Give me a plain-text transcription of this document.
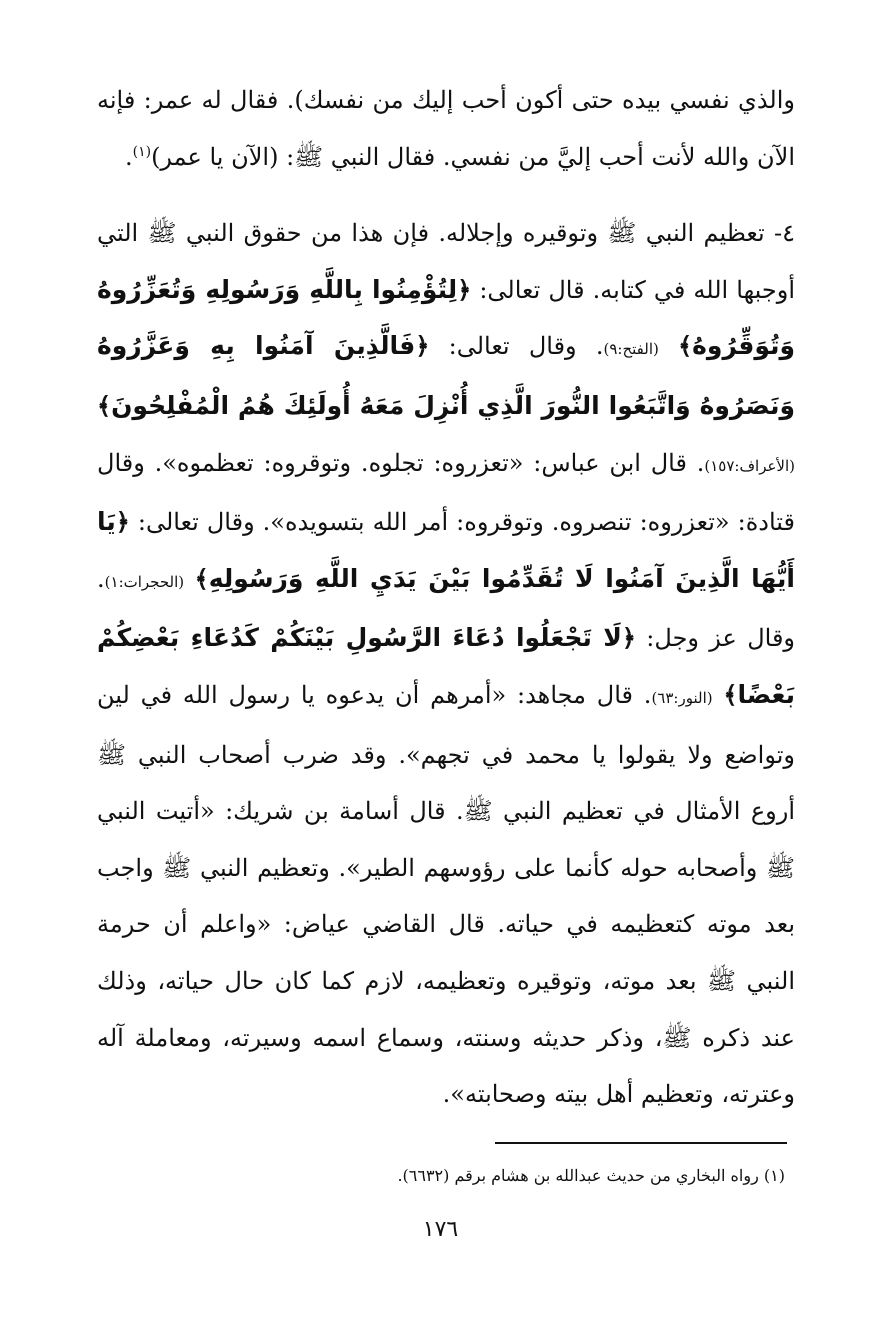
والذي نفسي بيده حتى أكون أحب إليك من نفسك). فقال له عمر: فإنه الآن والله لأنت أحب إليَّ من نفسي. فقال النبي ﷺ: (الآن يا عمر)$^{(١)}$.

٤- تعظيم النبي ﷺ وتوقيره وإجلاله. فإن هذا من حقوق النبي ﷺ التي أوجبها الله في كتابه. قال تعالى: ﴿لِتُؤْمِنُوا بِاللَّهِ وَرَسُولِهِ وَتُعَزِّرُوهُ وَتُوَقِّرُوهُ﴾ (الفتح:٩). وقال تعالى: ﴿فَالَّذِينَ آمَنُوا بِهِ وَعَزَّرُوهُ وَنَصَرُوهُ وَاتَّبَعُوا النُّورَ الَّذِي أُنْزِلَ مَعَهُ أُولَئِكَ هُمُ الْمُفْلِحُونَ﴾ (الأعراف:١٥٧). قال ابن عباس: «تعزروه: تجلوه. وتوقروه: تعظموه». وقال قتادة: «تعزروه: تنصروه. وتوقروه: أمر الله بتسويده». وقال تعالى: ﴿يَا أَيُّهَا الَّذِينَ آمَنُوا لَا تُقَدِّمُوا بَيْنَ يَدَيِ اللَّهِ وَرَسُولِهِ﴾ (الحجرات:١). وقال عز وجل: ﴿لَا تَجْعَلُوا دُعَاءَ الرَّسُولِ بَيْنَكُمْ كَدُعَاءِ بَعْضِكُمْ بَعْضًا﴾ (النور:٦٣). قال مجاهد: «أمرهم أن يدعوه يا رسول الله في لين وتواضع ولا يقولوا يا محمد في تجهم». وقد ضرب أصحاب النبي ﷺ أروع الأمثال في تعظيم النبي ﷺ. قال أسامة بن شريك: «أتيت النبي ﷺ وأصحابه حوله كأنما على رؤوسهم الطير». وتعظيم النبي ﷺ واجب بعد موته كتعظيمه في حياته. قال القاضي عياض: «واعلم أن حرمة النبي ﷺ بعد موته، وتوقيره وتعظيمه، لازم كما كان حال حياته، وذلك عند ذكره ﷺ، وذكر حديثه وسنته، وسماع اسمه وسيرته، ومعاملة آله وعترته، وتعظيم أهل بيته وصحابته».

(١) رواه البخاري من حديث عبدالله بن هشام برقم (٦٦٣٢).

١٧٦
